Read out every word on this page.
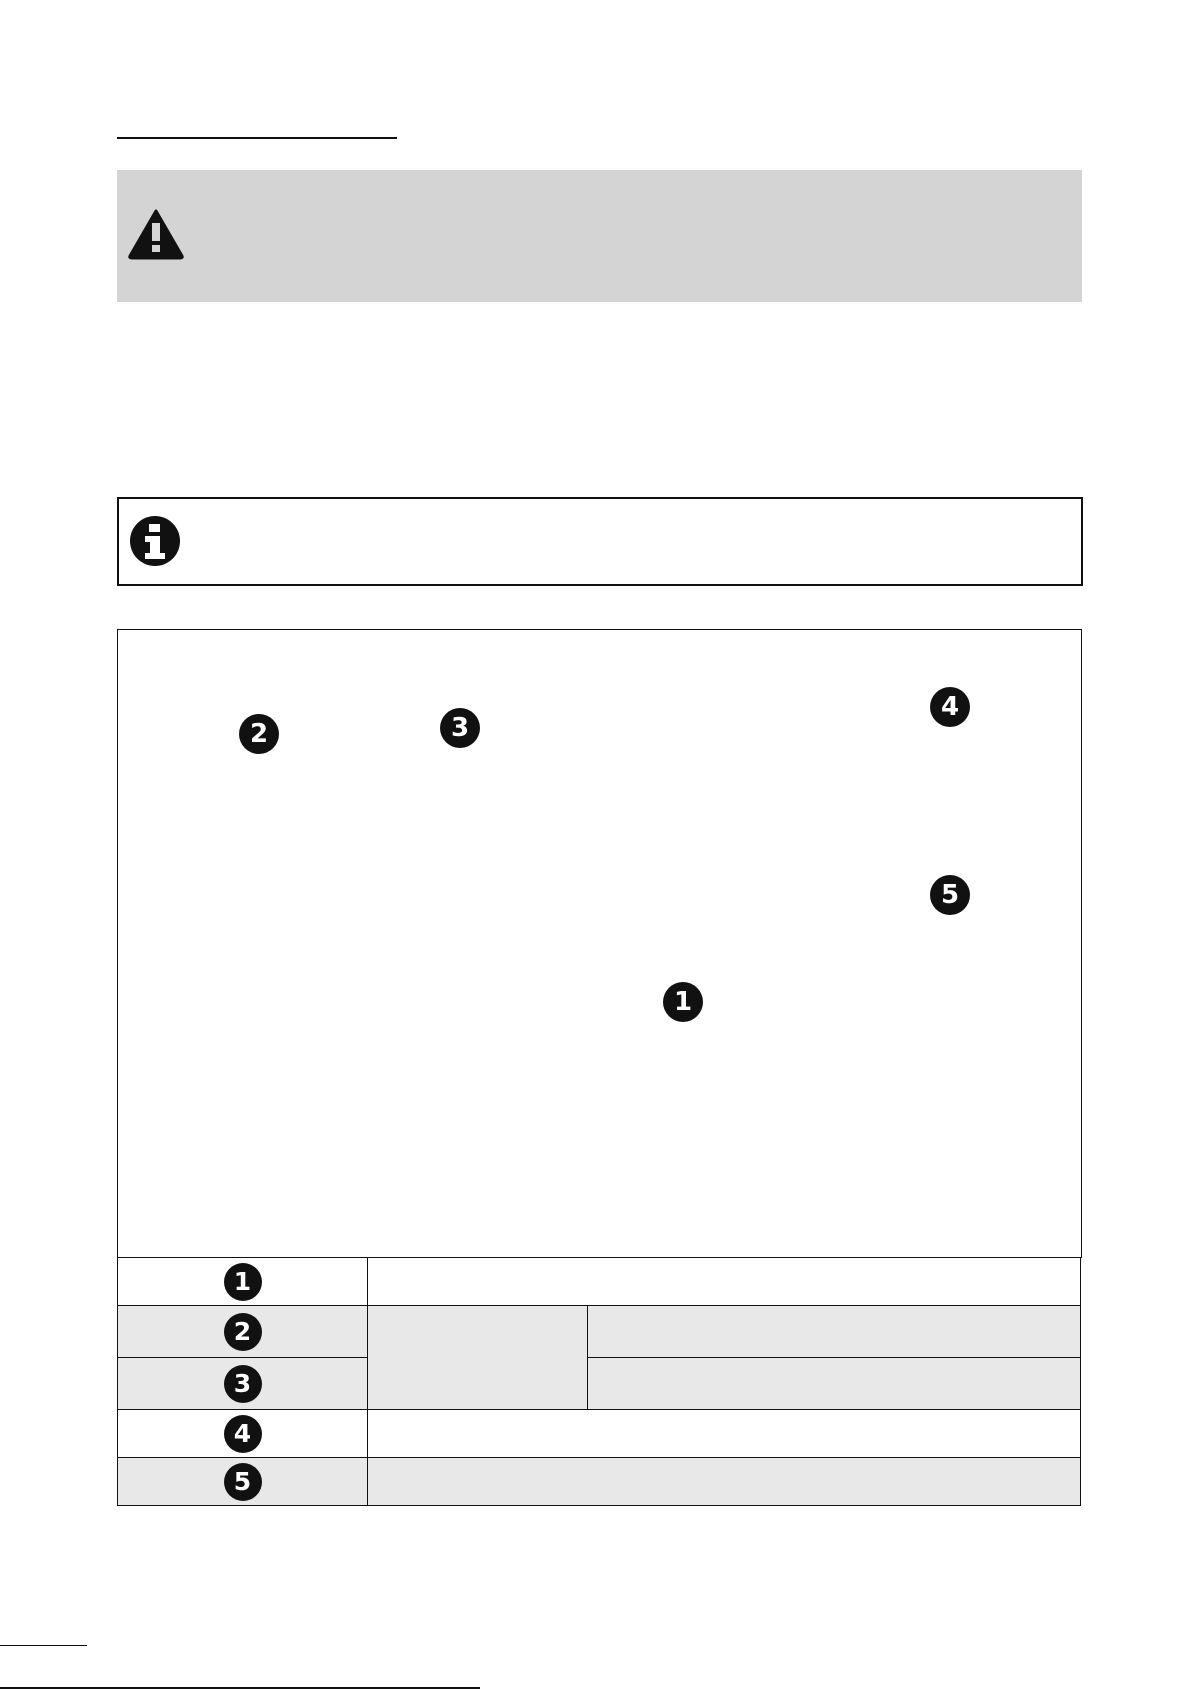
2	3
4
5
1
1		
2		
3		
4		
5		
